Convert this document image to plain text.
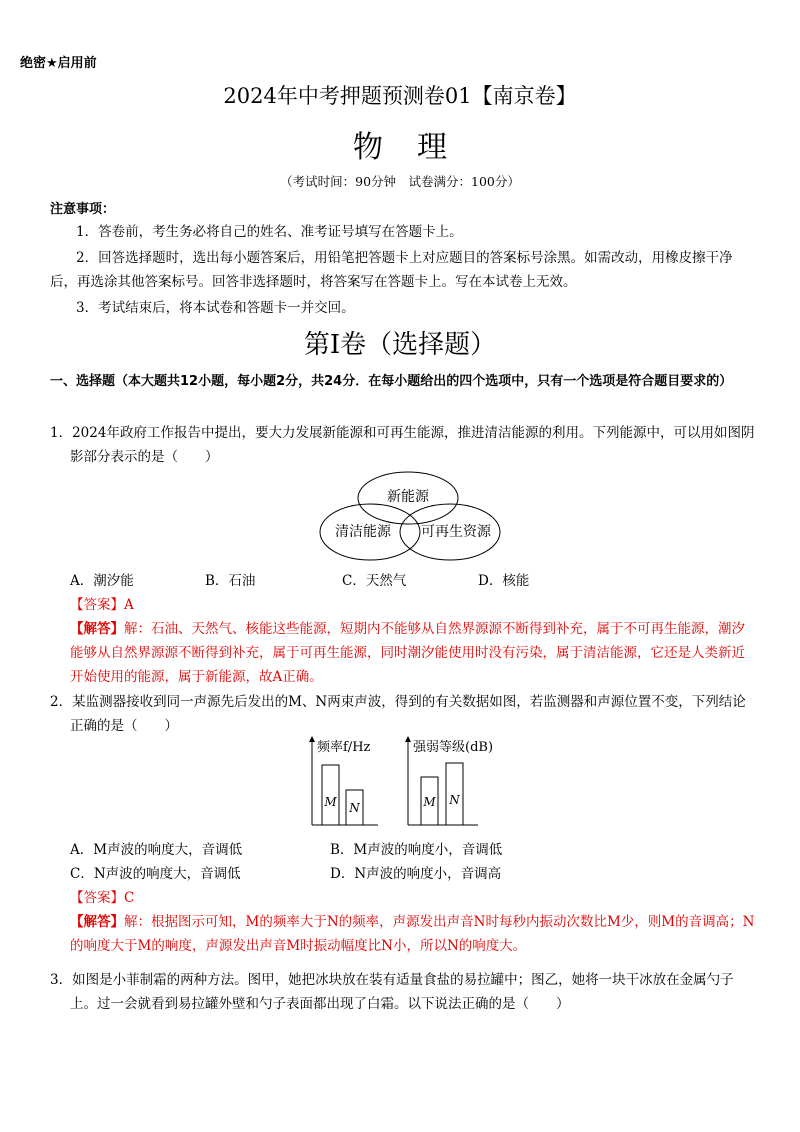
绝密★启用前
2024年中考押题预测卷01【南京卷】
物理
（考试时间：90分钟　试卷满分：100分）
注意事项：
1．答卷前，考生务必将自己的姓名、准考证号填写在答题卡上。
2．回答选择题时，选出每小题答案后，用铅笔把答题卡上对应题目的答案标号涂黑。如需改动，用橡皮擦干净后，再选涂其他答案标号。回答非选择题时，将答案写在答题卡上。写在本试卷上无效。
3．考试结束后，将本试卷和答题卡一并交回。
第Ⅰ卷（选择题）
一、选择题（本大题共12小题，每小题2分，共24分．在每小题给出的四个选项中，只有一个选项是符合题目要求的）
1．2024年政府工作报告中提出，要大力发展新能源和可再生能源，推进清洁能源的利用。下列能源中，可以用如图阴影部分表示的是（　　）
新能源
清洁能源 可再生资源
A．潮汐能	B．石油	C．天然气	D．核能
【答案】A
【解答】解：石油、天然气、核能这些能源，短期内不能够从自然界源源不断得到补充，属于不可再生能源，潮汐能够从自然界源源不断得到补充，属于可再生能源，同时潮汐能使用时没有污染，属于清洁能源，它还是人类新近开始使用的能源，属于新能源，故A正确。
2．某监测器接收到同一声源先后发出的M、N两束声波，得到的有关数据如图，若监测器和声源位置不变，下列结论正确的是（　　）
频率f/Hz
M N
强弱等级(dB)
M N
A．M声波的响度大，音调低	B．M声波的响度小，音调低
C．N声波的响度大，音调低	D．N声波的响度小，音调高
【答案】C
【解答】解：根据图示可知，M的频率大于N的频率，声源发出声音N时每秒内振动次数比M少，则M的音调高；N的响度大于M的响度，声源发出声音M时振动幅度比N小，所以N的响度大。
3．如图是小菲制霜的两种方法。图甲，她把冰块放在装有适量食盐的易拉罐中；图乙，她将一块干冰放在金属勺子上。过一会就看到易拉罐外壁和勺子表面都出现了白霜。以下说法正确的是（　　）
